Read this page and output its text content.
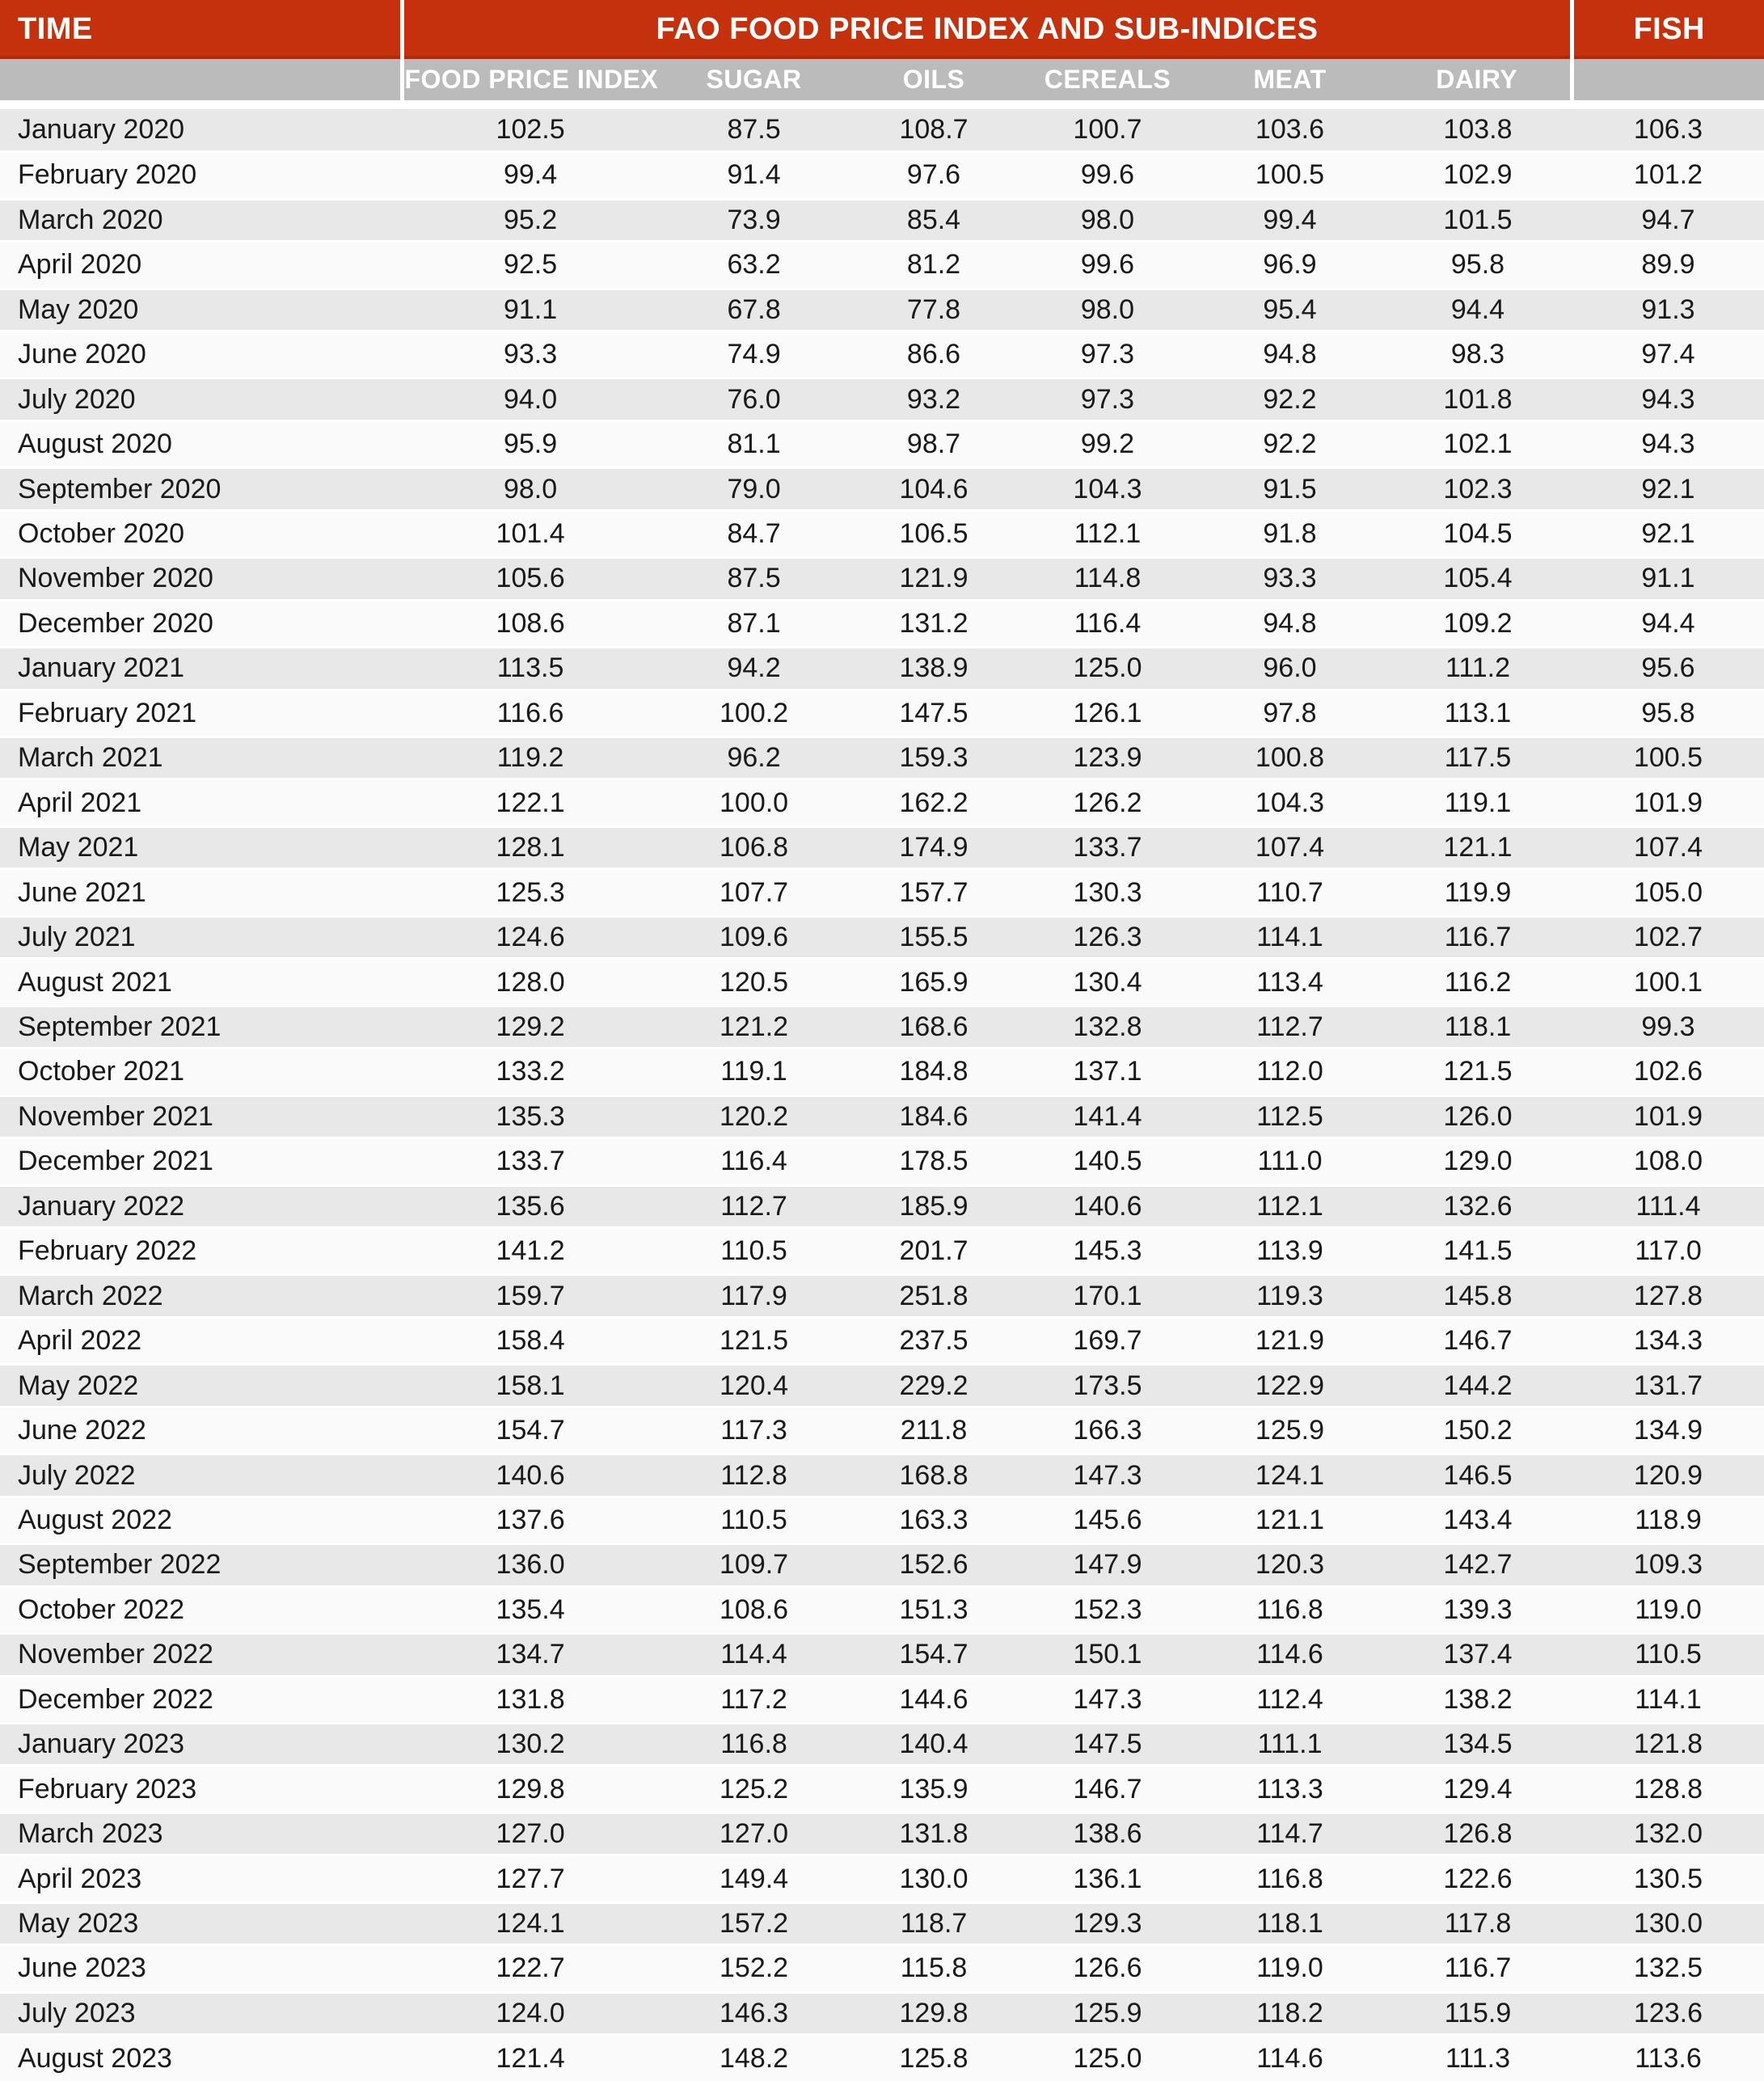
TIME	FAO FOOD PRICE INDEX AND SUB-INDICES						FISH
	FOOD PRICE INDEX	SUGAR	OILS	CEREALS	MEAT	DAIRY	
January 2020	102.5	87.5	108.7	100.7	103.6	103.8	106.3
February 2020	99.4	91.4	97.6	99.6	100.5	102.9	101.2
March 2020	95.2	73.9	85.4	98.0	99.4	101.5	94.7
April 2020	92.5	63.2	81.2	99.6	96.9	95.8	89.9
May 2020	91.1	67.8	77.8	98.0	95.4	94.4	91.3
June 2020	93.3	74.9	86.6	97.3	94.8	98.3	97.4
July 2020	94.0	76.0	93.2	97.3	92.2	101.8	94.3
August 2020	95.9	81.1	98.7	99.2	92.2	102.1	94.3
September 2020	98.0	79.0	104.6	104.3	91.5	102.3	92.1
October 2020	101.4	84.7	106.5	112.1	91.8	104.5	92.1
November 2020	105.6	87.5	121.9	114.8	93.3	105.4	91.1
December 2020	108.6	87.1	131.2	116.4	94.8	109.2	94.4
January 2021	113.5	94.2	138.9	125.0	96.0	111.2	95.6
February 2021	116.6	100.2	147.5	126.1	97.8	113.1	95.8
March 2021	119.2	96.2	159.3	123.9	100.8	117.5	100.5
April 2021	122.1	100.0	162.2	126.2	104.3	119.1	101.9
May 2021	128.1	106.8	174.9	133.7	107.4	121.1	107.4
June 2021	125.3	107.7	157.7	130.3	110.7	119.9	105.0
July 2021	124.6	109.6	155.5	126.3	114.1	116.7	102.7
August 2021	128.0	120.5	165.9	130.4	113.4	116.2	100.1
September 2021	129.2	121.2	168.6	132.8	112.7	118.1	99.3
October 2021	133.2	119.1	184.8	137.1	112.0	121.5	102.6
November 2021	135.3	120.2	184.6	141.4	112.5	126.0	101.9
December 2021	133.7	116.4	178.5	140.5	111.0	129.0	108.0
January 2022	135.6	112.7	185.9	140.6	112.1	132.6	111.4
February 2022	141.2	110.5	201.7	145.3	113.9	141.5	117.0
March 2022	159.7	117.9	251.8	170.1	119.3	145.8	127.8
April 2022	158.4	121.5	237.5	169.7	121.9	146.7	134.3
May 2022	158.1	120.4	229.2	173.5	122.9	144.2	131.7
June 2022	154.7	117.3	211.8	166.3	125.9	150.2	134.9
July 2022	140.6	112.8	168.8	147.3	124.1	146.5	120.9
August 2022	137.6	110.5	163.3	145.6	121.1	143.4	118.9
September 2022	136.0	109.7	152.6	147.9	120.3	142.7	109.3
October 2022	135.4	108.6	151.3	152.3	116.8	139.3	119.0
November 2022	134.7	114.4	154.7	150.1	114.6	137.4	110.5
December 2022	131.8	117.2	144.6	147.3	112.4	138.2	114.1
January 2023	130.2	116.8	140.4	147.5	111.1	134.5	121.8
February 2023	129.8	125.2	135.9	146.7	113.3	129.4	128.8
March 2023	127.0	127.0	131.8	138.6	114.7	126.8	132.0
April 2023	127.7	149.4	130.0	136.1	116.8	122.6	130.5
May 2023	124.1	157.2	118.7	129.3	118.1	117.8	130.0
June 2023	122.7	152.2	115.8	126.6	119.0	116.7	132.5
July 2023	124.0	146.3	129.8	125.9	118.2	115.9	123.6
August 2023	121.4	148.2	125.8	125.0	114.6	111.3	113.6
